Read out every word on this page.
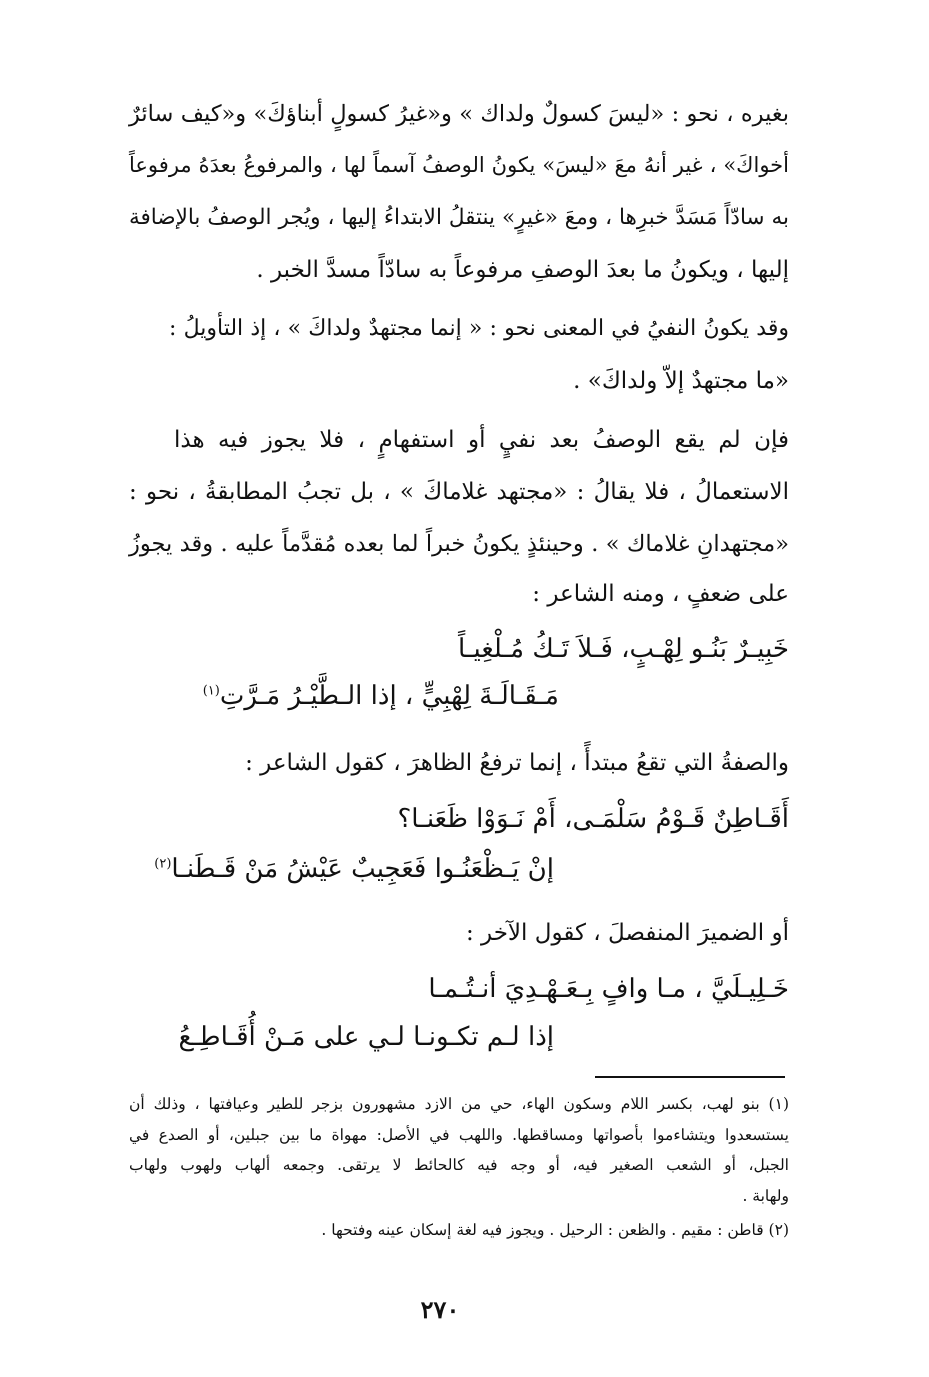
بغيره ، نحو : «ليسَ كسولٌ ولداك » و«غيرُ كسولٍ أبناؤكَ» و«كيف سائرٌ
أخواكَ» ، غير أنهُ معَ «ليسَ» يكونُ الوصفُ آسماً لها ، والمرفوعُ بعدَهُ مرفوعاً
به سادّاً مَسَدَّ خبرِها ، ومعَ «غيرٍ» ينتقلُ الابتداءُ إليها ، ويُجر الوصفُ بالإضافة
إليها ، ويكونُ ما بعدَ الوصفِ مرفوعاً به سادّاً مسدَّ الخبر .
وقد يكونُ النفيُ في المعنى نحو : « إنما مجتهدٌ ولداكَ » ، إذ التأويلُ :
«ما مجتهدٌ إلاّ ولداكَ» .
فإن لم يقع الوصفُ بعد نفيٍ أو استفهامٍ ، فلا يجوز فيه هذا
الاستعمالُ ، فلا يقالُ : «مجتهد غلاماكَ » ، بل تجبُ المطابقةُ ، نحو :
«مجتهدانِ غلاماك » . وحينئذٍ يكونُ خبراً لما بعده مُقدَّماً عليه . وقد يجوزُ
على ضعفٍ ، ومنه الشاعر :
خَبِيـرٌ بَنُـو لِهْـبٍ، فَـلاَ تَـكُ مُـلْغِيـاً
مَـقَـالَـةَ لِهْبِيٍّ ، إذا الـطَّيْـرُ مَـرَّتِ$^{(١)}$
والصفةُ التي تقعُ مبتدأً ، إنما ترفعُ الظاهرَ ، كقول الشاعر :
أَقَـاطِنٌ قَـوْمُ سَلْمَـى، أَمْ نَـوَوْا ظَعَنـا؟
إنْ يَـظْعَنُـوا فَعَجِيبٌ عَيْشُ مَنْ قَـطَنـا$^{(٢)}$
أو الضميرَ المنفصلَ ، كقول الآخر :
خَـلِيـلَيَّ ، مـا وافٍ بِـعَـهْـدِيَ أنـتُـمـا
إذا لـم تكـونـا لـي على مَـنْ أُقَـاطِـعُ
(١) بنو لهب، بكسر اللام وسكون الهاء، حي من الازد مشهورون بزجر للطير وعيافتها ، وذلك أن
يستسعدوا ويتشاءموا بأصواتها ومساقطها. واللهب في الأصل: مهواة ما بين جبلين، أو الصدع في
الجبل، أو الشعب الصغير فيه، أو وجه فيه كالحائط لا يرتقى. وجمعه ألهاب ولهوب ولهاب
ولهابة .
(٢) قاطن : مقيم . والظعن : الرحيل . ويجوز فيه لغة إسكان عينه وفتحها .
٢٧٠
